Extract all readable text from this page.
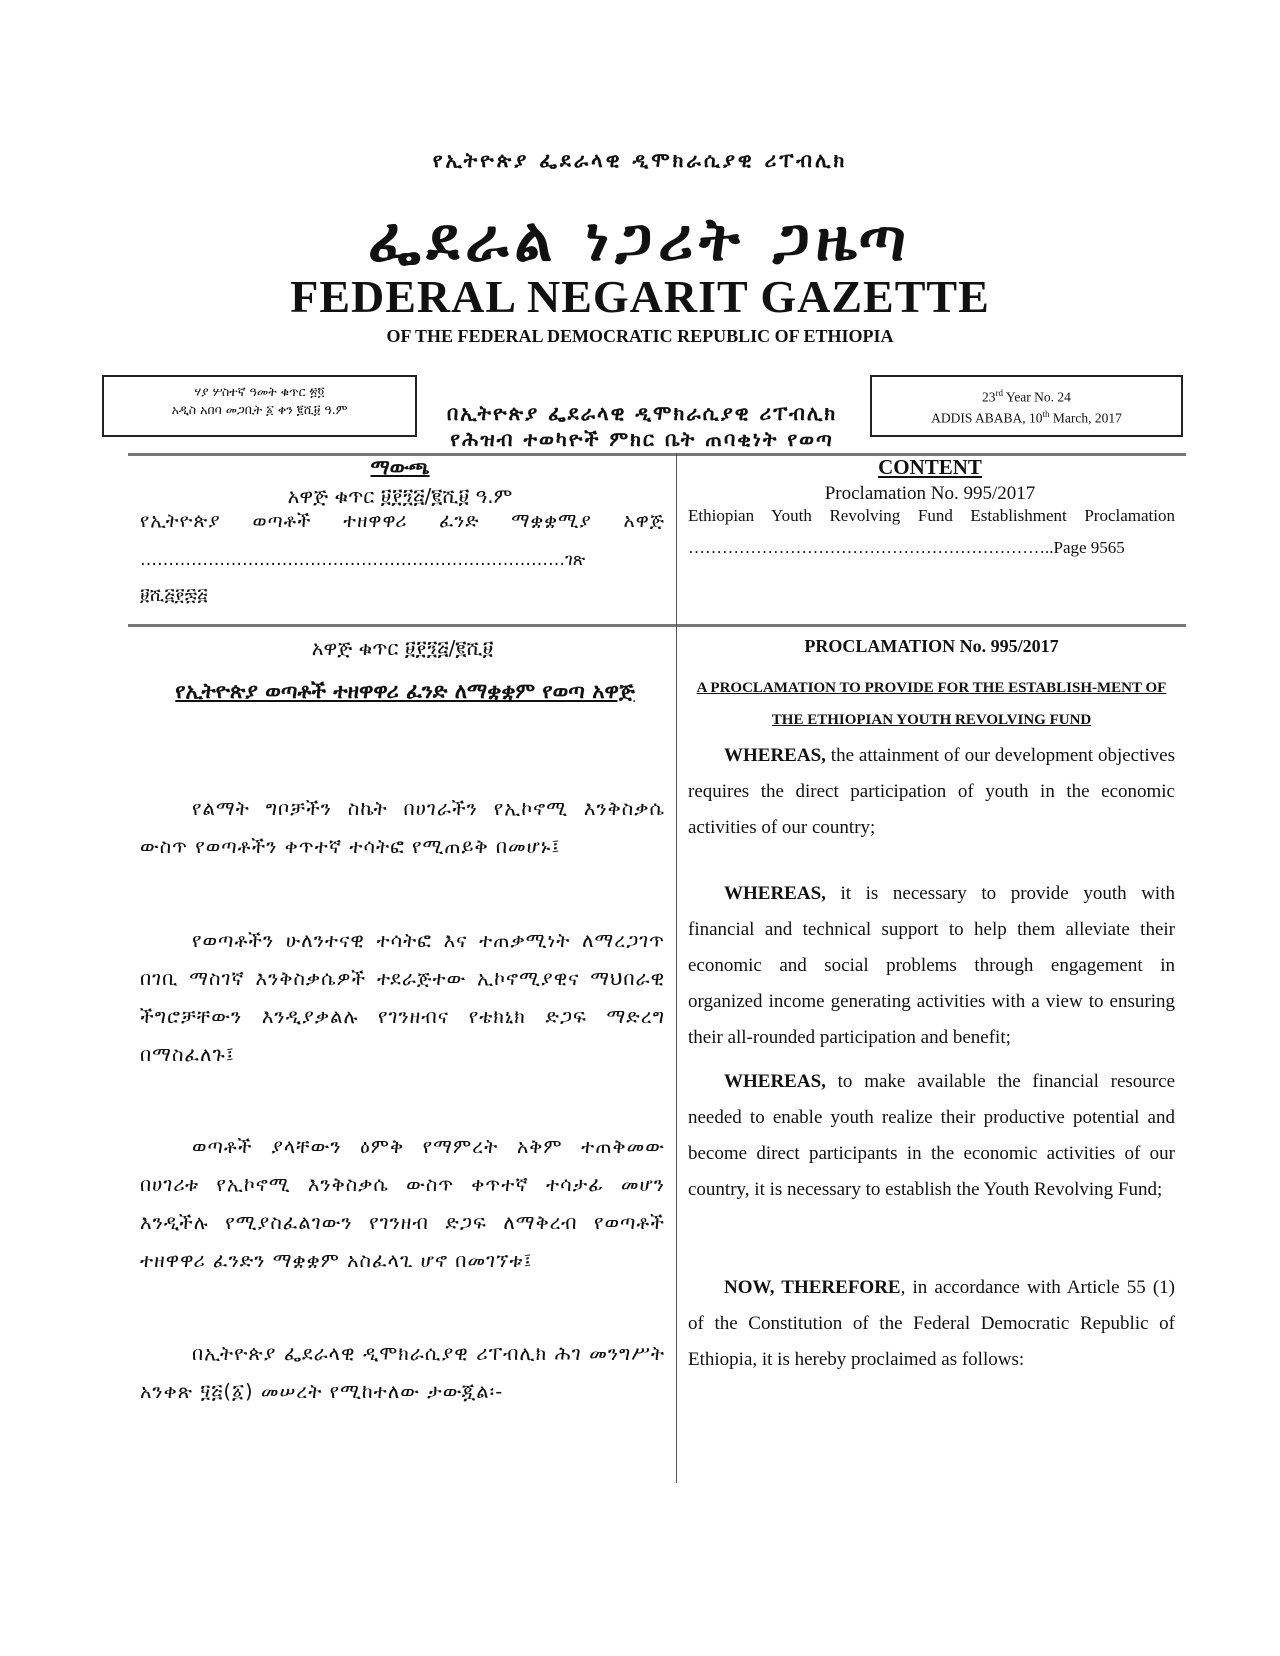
የኢትዮጵያ ፌደራላዊ ዲሞክራሲያዊ ሪፐብሊክ
ፌደራል ነጋሪት ጋዜጣ
FEDERAL NEGARIT GAZETTE
OF THE FEDERAL DEMOCRATIC REPUBLIC OF ETHIOPIA
ሃያ ሦስተኛ ዓመት ቁጥር ፳፬
አዲስ አበባ መጋቢት ፩ ቀን ፪ሺ፱ ዓ.ም	በኢትዮጵያ ፌደራላዊ ዲሞክራሲያዊ ሪፐብሊክ
የሕዝብ ተወካዮች ምክር ቤት ጠባቂነት የወጣ
23rd Year No. 24
ADDIS ABABA, 10th March, 2017
ማውጫ
አዋጅ ቁጥር ፱፻፺፭/፪ሺ፱ ዓ.ም
የኢትዮጵያ ወጣቶች ተዘዋዋሪ ፈንድ ማቋቋሚያ አዋጅ
…………………………………………………………………ገጽ
፱ሺ፭፻፷፭
CONTENT
Proclamation No. 995/2017
Ethiopian Youth Revolving Fund Establishment Proclamation
………………………………………………………..Page 9565
አዋጅ ቁጥር ፱፻፺፭/፪ሺ፱
የኢትዮጵያ ወጣቶች ተዘዋዋሪ ፈንድ ለማቋቋም የወጣ አዋጅ
የልማት ግቦቻችን ስኬት በሀገራችን የኢኮኖሚ እንቅስቃሴ ውስጥ የወጣቶችን ቀጥተኛ ተሳትፎ የሚጠይቅ በመሆኑ፤
የወጣቶችን ሁለንተናዊ ተሳትፎ እና ተጠቃሚነት ለማረጋገጥ በገቢ ማስገኛ እንቅስቃሴዎች ተደራጅተው ኢኮኖሚያዊና ማህበራዊ ችግሮቻቸውን እንዲያቃልሉ የገንዘብና የቴክኒክ ድጋፍ ማድረግ በማስፈለጉ፤
ወጣቶች ያላቸውን ዕምቅ የማምረት አቅም ተጠቅመው በሀገሪቱ የኢኮኖሚ እንቅስቃሴ ውስጥ ቀጥተኛ ተሳታፊ መሆን እንዲችሉ የሚያስፈልገውን የገንዘብ ድጋፍ ለማቅረብ የወጣቶች ተዘዋዋሪ ፈንድን ማቋቋም አስፈላጊ ሆኖ በመገኘቱ፤
በኢትዮጵያ ፌደራላዊ ዲሞክራሲያዊ ሪፐብሊክ ሕገ መንግሥት አንቀጽ ፶፭(፩) መሠረት የሚከተለው ታውጇል፡-
PROCLAMATION No. 995/2017
A PROCLAMATION TO PROVIDE FOR THE ESTABLISH-MENT OF THE ETHIOPIAN YOUTH REVOLVING FUND
WHEREAS, the attainment of our development objectives requires the direct participation of youth in the economic activities of our country;
WHEREAS, it is necessary to provide youth with financial and technical support to help them alleviate their economic and social problems through engagement in organized income generating activities with a view to ensuring their all-rounded participation and benefit;
WHEREAS, to make available the financial resource needed to enable youth realize their productive potential and become direct participants in the economic activities of our country, it is necessary to establish the Youth Revolving Fund;
NOW, THEREFORE, in accordance with Article 55 (1) of the Constitution of the Federal Democratic Republic of Ethiopia, it is hereby proclaimed as follows:
